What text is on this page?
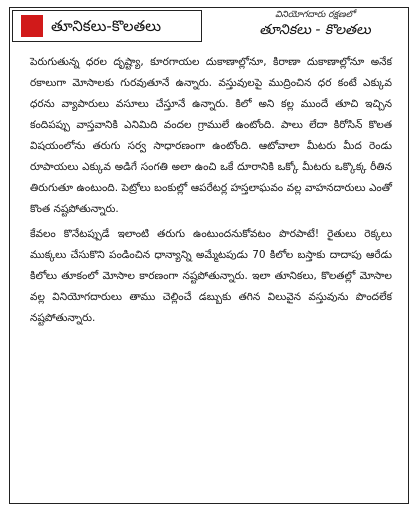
తూనికలు-కొలతలు
వినియోగదారు రక్షణలో
తూనికలు - కొలతలు

పెరుగుతున్న ధరల దృష్ట్యా, కూరగాయల దుకాణాల్లోనూ, కిరాణా దుకాణాల్లోనూ అనేక రకాలుగా మోసాలకు గురవుతూనే ఉన్నారు. వస్తువులపై ముద్రించిన ధర కంటే ఎక్కువ ధరను వ్యాపారులు వసూలు చేస్తూనే ఉన్నారు. కిలో అని కల్ల ముందే తూచి ఇచ్చిన కందిపప్పు వాస్తవానికి ఎనిమిది వందల గ్రాములే ఉంటోంది. పాలు లేదా కిరోసిన్ కొలత విషయంలోను తరుగు సర్వ సాధారణంగా ఉంటోంది. ఆటోవాలా మీటరు మీద రెండు రూపాయలు ఎక్కువ అడిగే సంగతి అలా ఉంచి ఒకే దూరానికి ఒక్కో మీటరు ఒక్కొక్క రీతిన తిరుగుతూ ఉంటుంది. పెట్రోలు బంకుల్లో ఆపరేటర్ల హస్తలాఘవం వల్ల వాహనదారులు ఎంతో కొంత నష్టపోతున్నారు.

కేవలం కొనేటప్పుడే ఇలాంటి తరుగు ఉంటుందనుకోవటం పొరపాటే! రైతులు రెక్కలు ముక్కలు చేసుకొని పండించిన ధాన్యాన్ని అమ్మేటపుడు 70 కిలోల బస్తాకు దాదాపు ఆరేడు కిలోలు తూకంలో మోసాల కారణంగా నష్టపోతున్నారు. ఇలా తూనికలు, కొలతల్లో మోసాల వల్ల వినియోగదారులు తాము చెల్లించే డబ్బుకు తగిన విలువైన వస్తువును పొందలేక నష్టపోతున్నారు.
